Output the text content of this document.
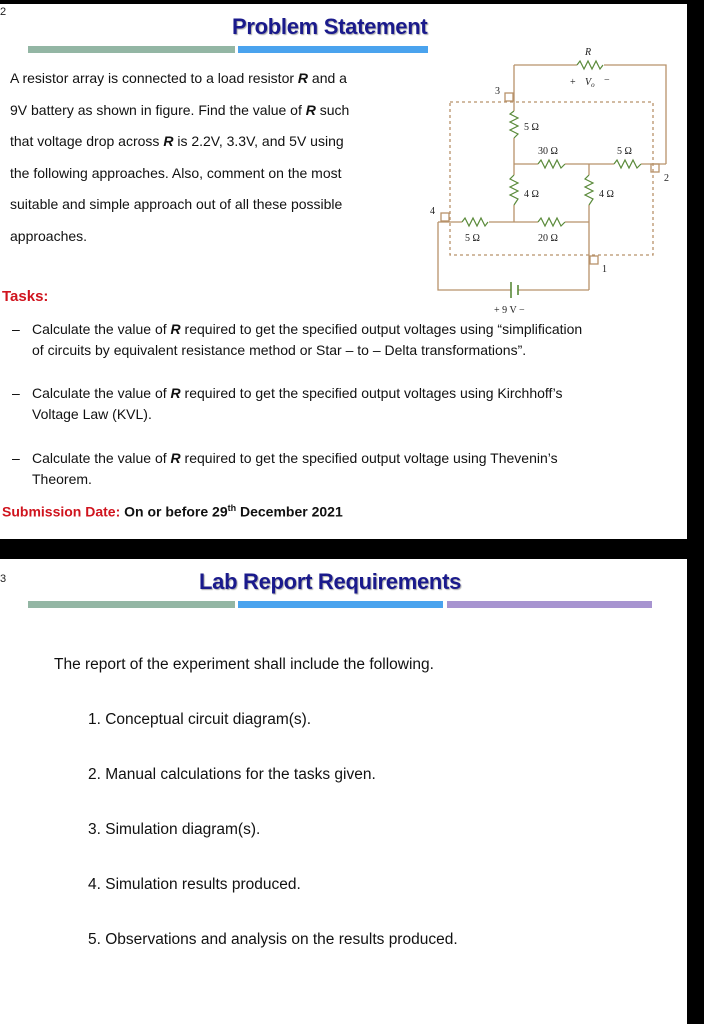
2
Problem Statement
A resistor array is connected to a load resistor R and a
9V battery as shown in figure. Find the value of R such
that voltage drop across R is 2.2V, 3.3V, and 5V using
the following approaches. Also, comment on the most
suitable and simple approach out of all these possible
approaches.
Tasks:
– Calculate the value of R required to get the specified output voltages using “simplification
of circuits by equivalent resistance method or Star – to – Delta transformations”.
– Calculate the value of R required to get the specified output voltages using Kirchhoff’s
Voltage Law (KVL).
– Calculate the value of R required to get the specified output voltage using Thevenin’s
Theorem.
Submission Date: On or before 29th December 2021
R
+ $V_o$ −
3
2
4
1
5 Ω
30 Ω	5 Ω
4 Ω	4 Ω
5 Ω	20 Ω
+ 9 V −
3	Lab Report Requirements
The report of the experiment shall include the following.
1. Conceptual circuit diagram(s).
2. Manual calculations for the tasks given.
3. Simulation diagram(s).
4. Simulation results produced.
5. Observations and analysis on the results produced.
